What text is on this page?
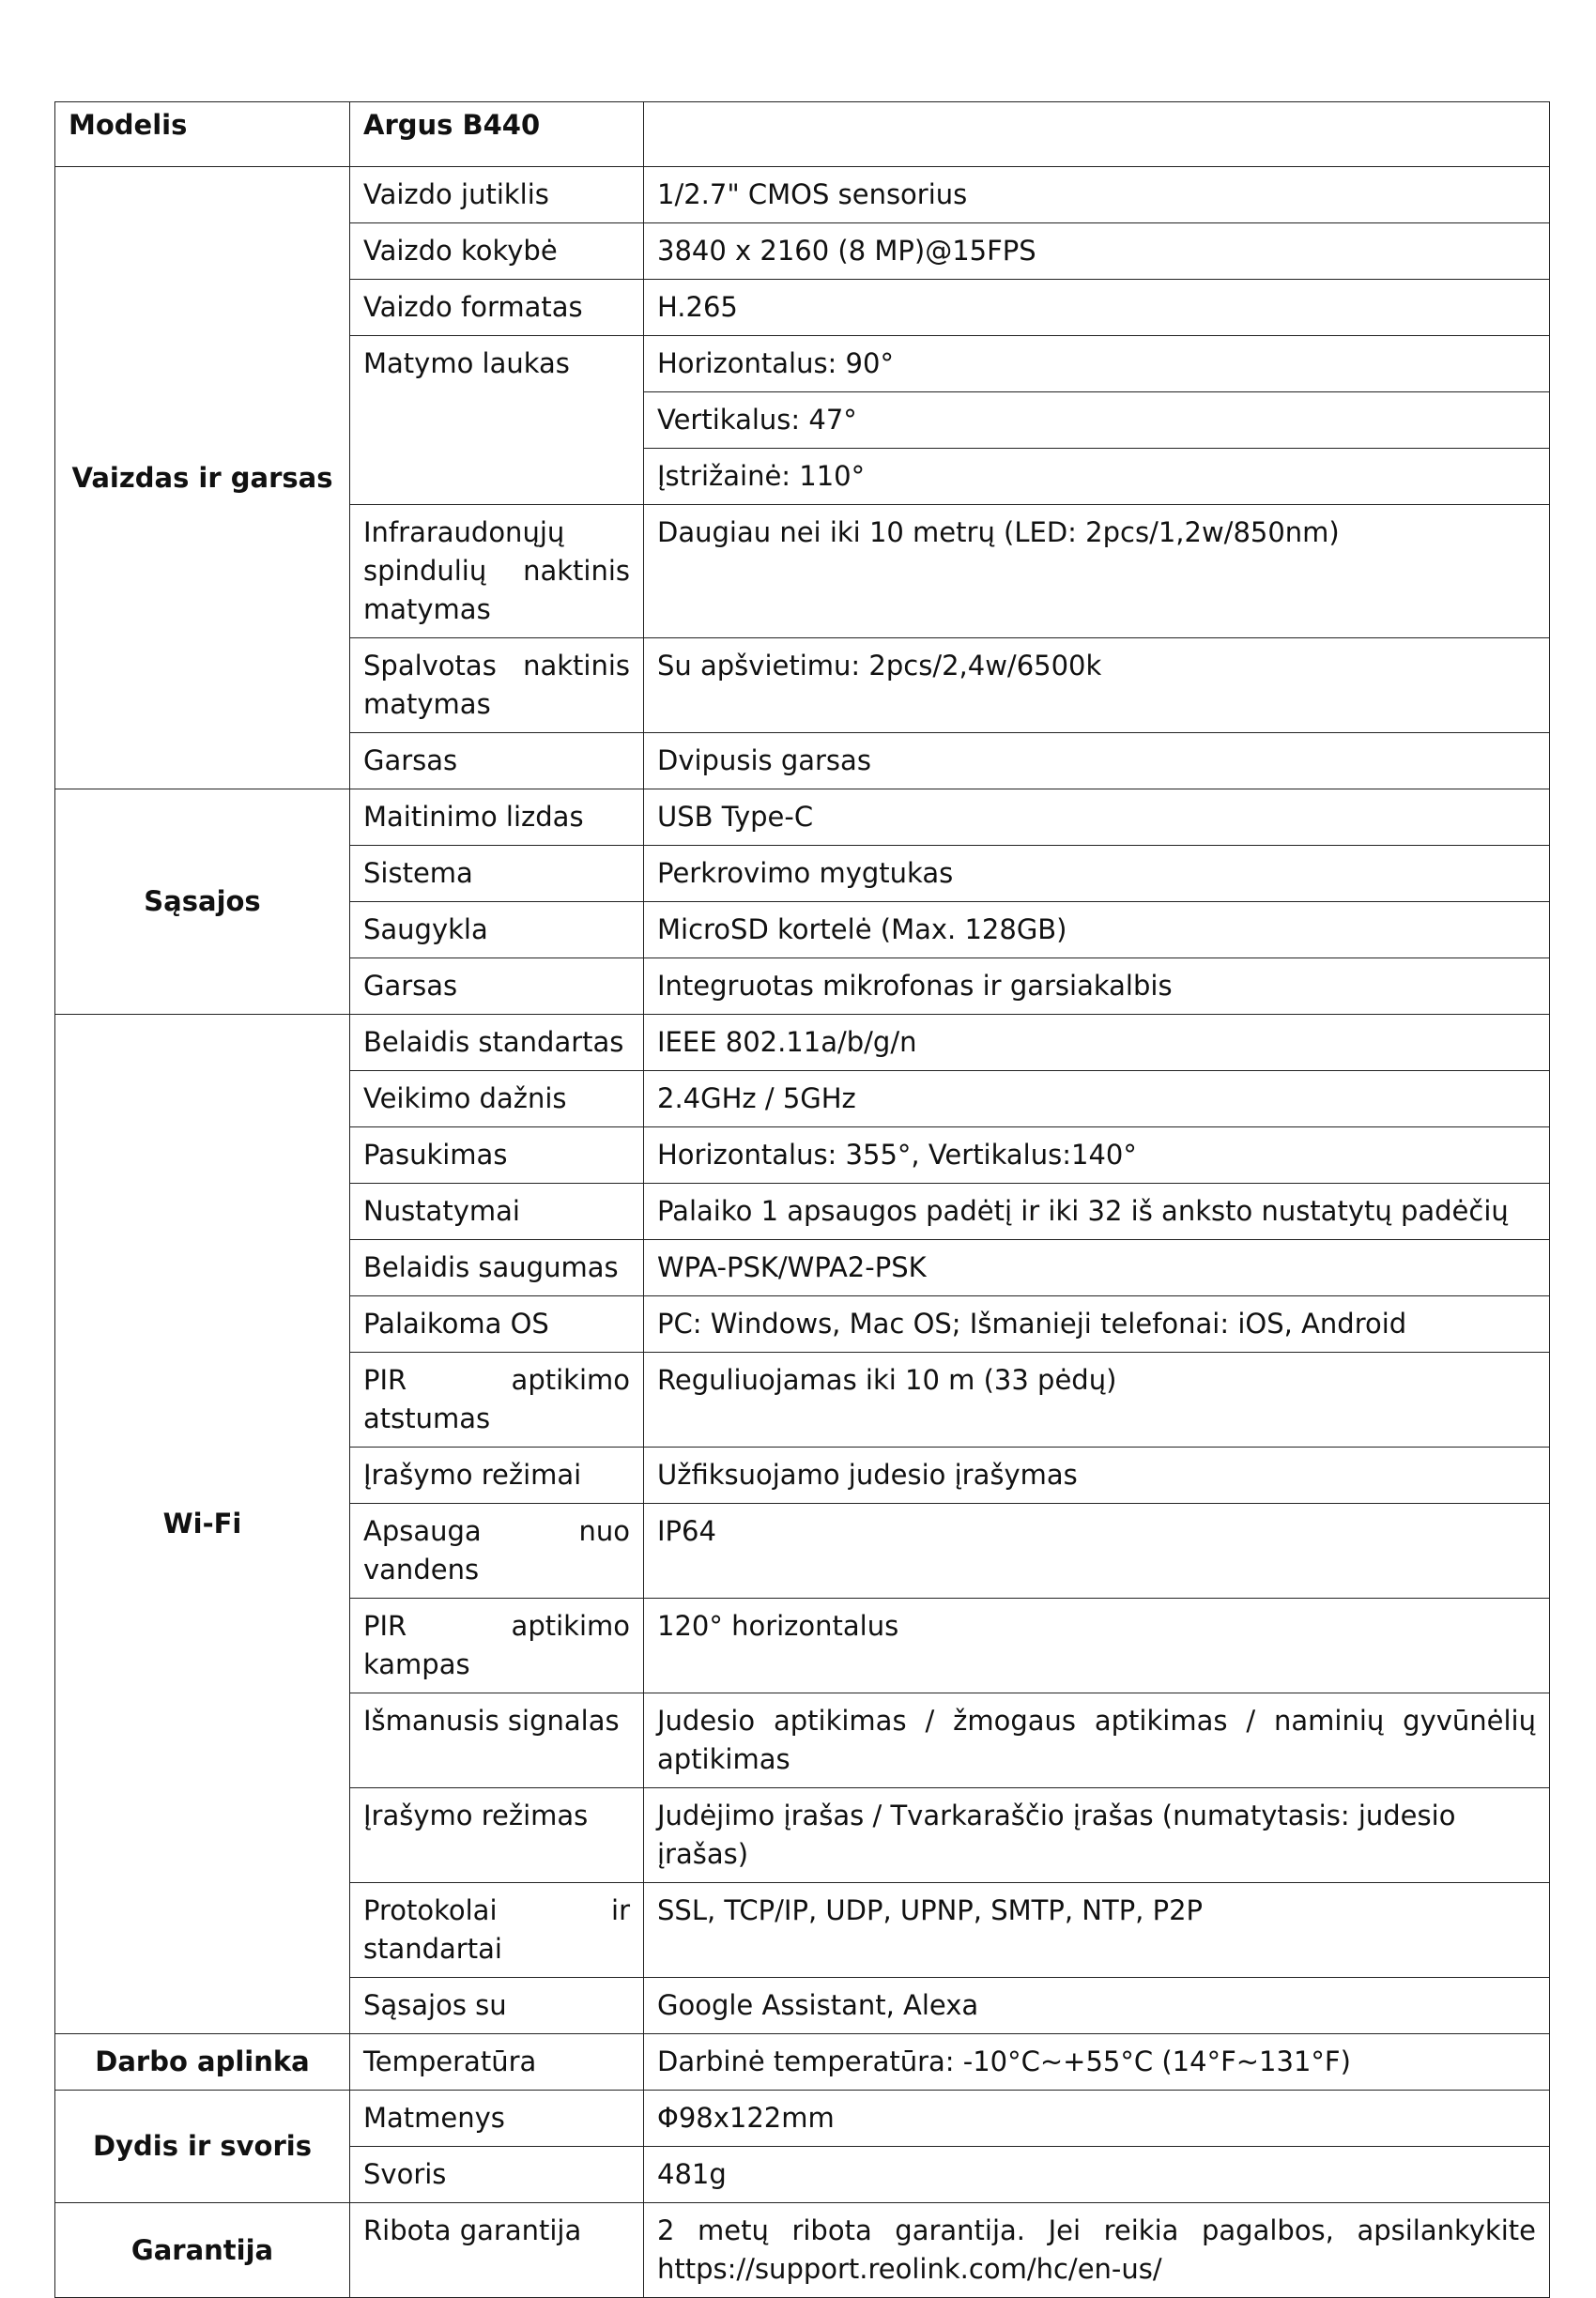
Modelis	Argus B440	
Vaizdas ir garsas	Vaizdo jutiklis	1/2.7" CMOS sensorius
	Vaizdo kokybė	3840 x 2160 (8 MP)@15FPS
	Vaizdo formatas	H.265
	Matymo laukas	Horizontalus: 90°
		Vertikalus: 47°
		Įstrižainė: 110°
	Infraraudonųjų spindulių naktinis matymas	Daugiau nei iki 10 metrų (LED: 2pcs/1,2w/850nm)
	Spalvotas naktinis matymas	Su apšvietimu: 2pcs/2,4w/6500k
	Garsas	Dvipusis garsas
Sąsajos	Maitinimo lizdas	USB Type-C
	Sistema	Perkrovimo mygtukas
	Saugykla	MicroSD kortelė (Max. 128GB)
	Garsas	Integruotas mikrofonas ir garsiakalbis
Wi-Fi	Belaidis standartas	IEEE 802.11a/b/g/n
	Veikimo dažnis	2.4GHz / 5GHz
	Pasukimas	Horizontalus: 355°, Vertikalus:140°
	Nustatymai	Palaiko 1 apsaugos padėtį ir iki 32 iš anksto nustatytų padėčių
	Belaidis saugumas	WPA-PSK/WPA2-PSK
	Palaikoma OS	PC: Windows, Mac OS; Išmanieji telefonai: iOS, Android
	PIR aptikimo atstumas	Reguliuojamas iki 10 m (33 pėdų)
	Įrašymo režimai	Užfiksuojamo judesio įrašymas
	Apsauga nuo vandens	IP64
	PIR aptikimo kampas	120° horizontalus
	Išmanusis signalas	Judesio aptikimas / žmogaus aptikimas / naminių gyvūnėlių aptikimas
	Įrašymo režimas	Judėjimo įrašas / Tvarkaraščio įrašas (numatytasis: judesio įrašas)
	Protokolai ir standartai	SSL, TCP/IP, UDP, UPNP, SMTP, NTP, P2P
	Sąsajos su	Google Assistant, Alexa
Darbo aplinka	Temperatūra	Darbinė temperatūra: -10°C~+55°C (14°F~131°F)
Dydis ir svoris	Matmenys	Φ98x122mm
	Svoris	481g
Garantija	Ribota garantija	2 metų ribota garantija. Jei reikia pagalbos, apsilankykite https://support.reolink.com/hc/en-us/
